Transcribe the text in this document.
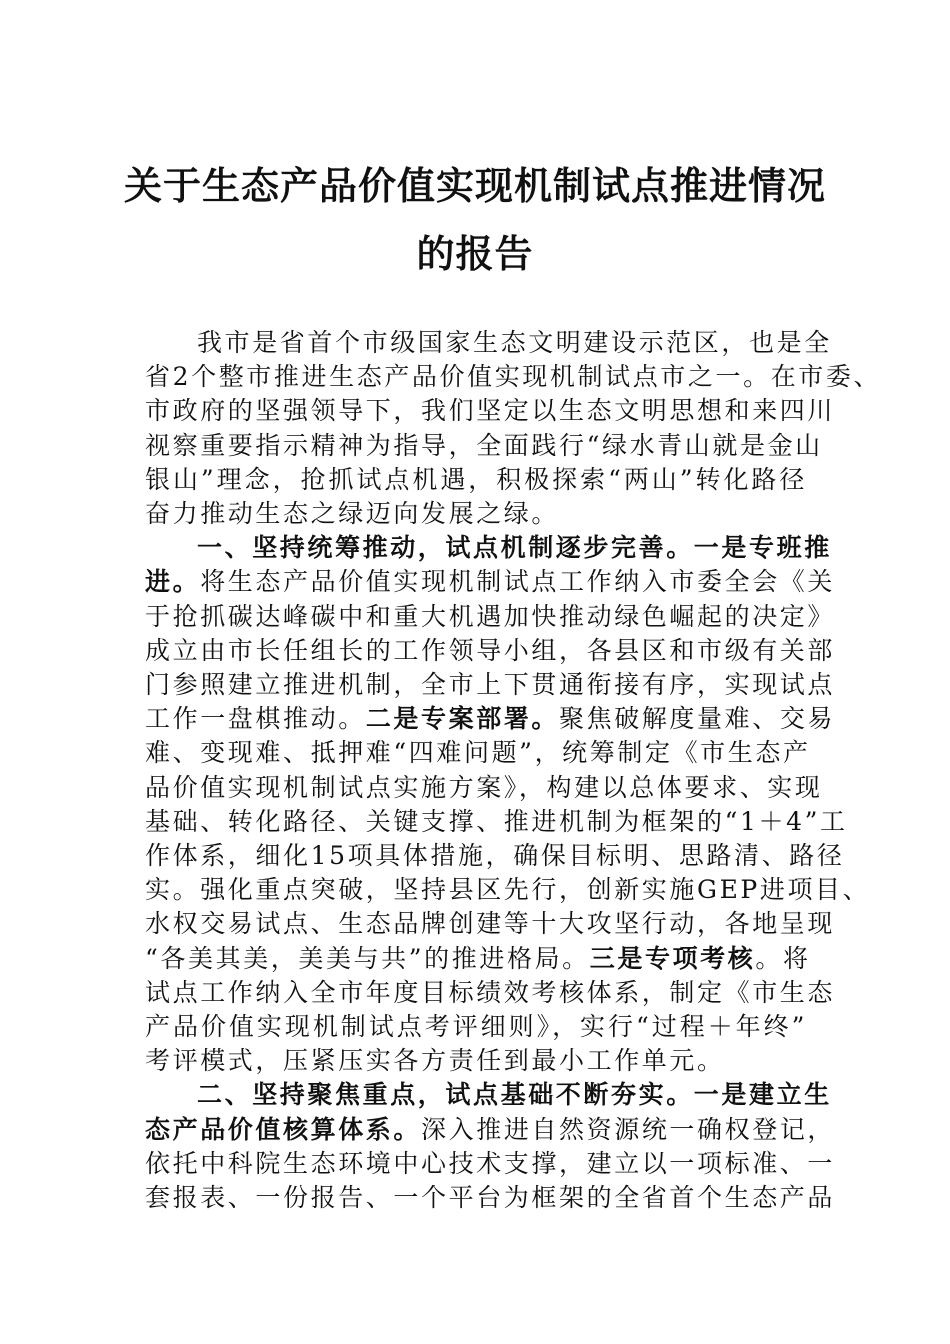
关于生态产品价值实现机制试点推进情况
的报告
我市是省首个市级国家生态文明建设示范区，也是全
省2个整市推进生态产品价值实现机制试点市之一。在市委、
市政府的坚强领导下，我们坚定以生态文明思想和来四川
视察重要指示精神为指导，全面践行“绿水青山就是金山
银山”理念，抢抓试点机遇，积极探索“两山”转化路径
奋力推动生态之绿迈向发展之绿。
一、坚持统筹推动，试点机制逐步完善。一是专班推
进。将生态产品价值实现机制试点工作纳入市委全会《关
于抢抓碳达峰碳中和重大机遇加快推动绿色崛起的决定》
成立由市长任组长的工作领导小组，各县区和市级有关部
门参照建立推进机制，全市上下贯通衔接有序，实现试点
工作一盘棋推动。二是专案部署。聚焦破解度量难、交易
难、变现难、抵押难“四难问题”，统筹制定《市生态产
品价值实现机制试点实施方案》，构建以总体要求、实现
基础、转化路径、关键支撑、推进机制为框架的“1＋4”工
作体系，细化15项具体措施，确保目标明、思路清、路径
实。强化重点突破，坚持县区先行，创新实施GEP进项目、
水权交易试点、生态品牌创建等十大攻坚行动，各地呈现
“各美其美，美美与共”的推进格局。三是专项考核。将
试点工作纳入全市年度目标绩效考核体系，制定《市生态
产品价值实现机制试点考评细则》，实行“过程＋年终”
考评模式，压紧压实各方责任到最小工作单元。
二、坚持聚焦重点，试点基础不断夯实。一是建立生
态产品价值核算体系。深入推进自然资源统一确权登记，
依托中科院生态环境中心技术支撑，建立以一项标准、一
套报表、一份报告、一个平台为框架的全省首个生态产品
